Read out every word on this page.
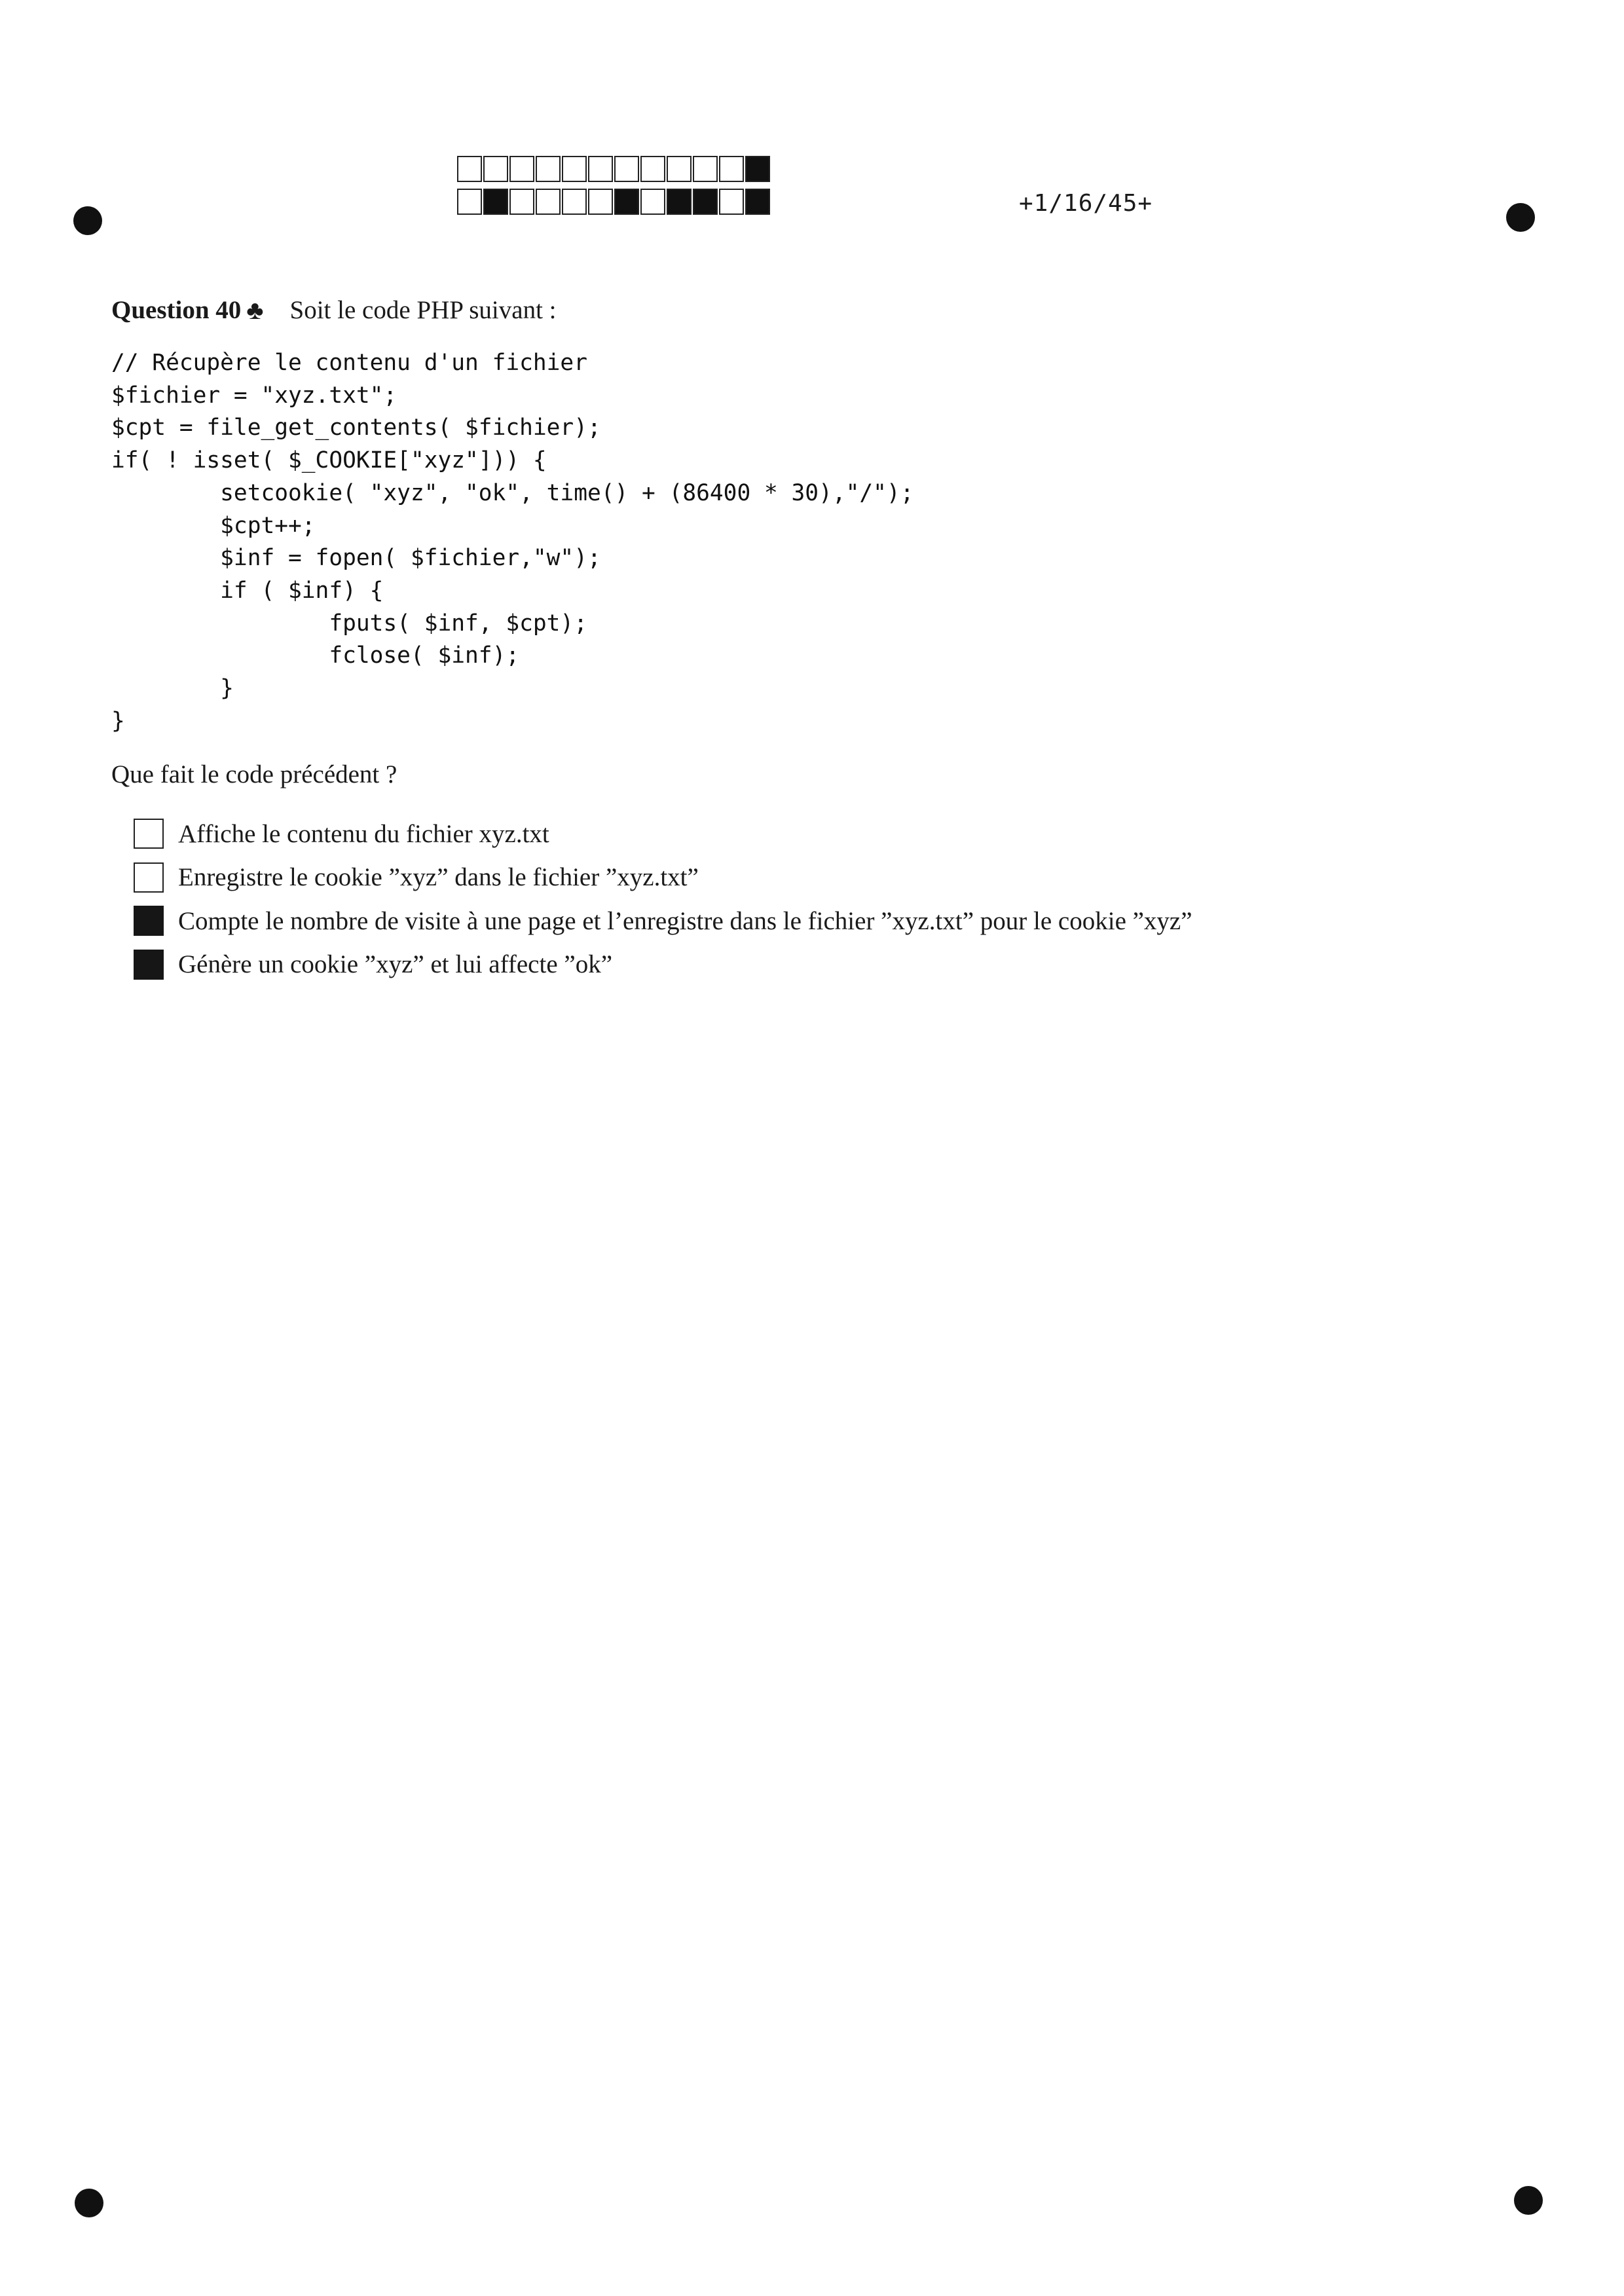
+1/16/45+
Question 40 ♣ Soit le code PHP suivant :
// Récupère le contenu d'un fichier
$fichier = "xyz.txt";
$cpt = file_get_contents( $fichier);
if( ! isset( $_COOKIE["xyz"])) {
setcookie( "xyz", "ok", time() + (86400 * 30),"/");
$cpt++;
$inf = fopen( $fichier,"w");
if ( $inf) {
fputs( $inf, $cpt);
fclose( $inf);
}
}
Que fait le code précédent ?
Affiche le contenu du fichier xyz.txt
Enregistre le cookie ”xyz” dans le fichier ”xyz.txt”
Compte le nombre de visite à une page et l’enregistre dans le fichier ”xyz.txt” pour le cookie ”xyz”
Génère un cookie ”xyz” et lui affecte ”ok”
